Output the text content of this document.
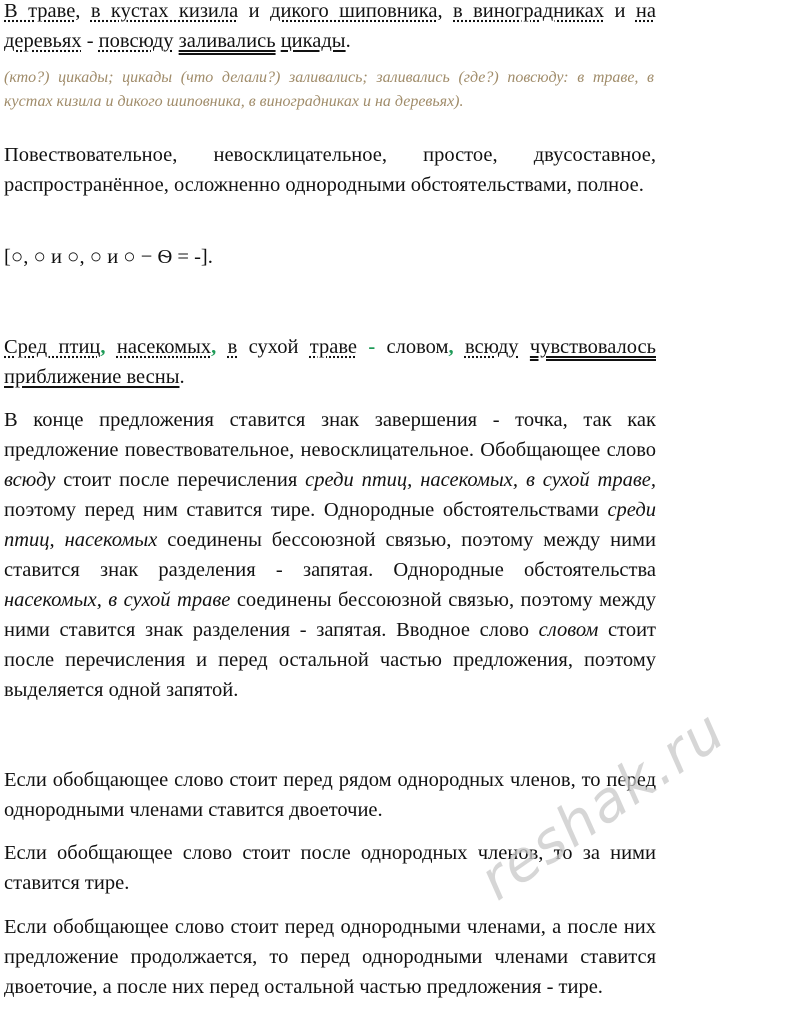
В траве, в кустах кизила и дикого шиповника, в виноградниках и на деревьях - повсюду заливались цикады.

(кто?) цикады; цикады (что делали?) заливались; заливались (где?) повсюду: в траве, в кустах кизила и дикого шиповника, в виноградниках и на деревьях).

Повествовательное, невосклицательное, простое, двусоставное, распространённое, осложненно однородными обстоятельствами, полное.

[○, ○ и ○, ○ и ○ − Ѳ = -].

Сред птиц, насекомых, в сухой траве - словом, всюду чувствовалось приближение весны.

В конце предложения ставится знак завершения - точка, так как предложение повествовательное, невосклицательное. Обобщающее слово всюду стоит после перечисления среди птиц, насекомых, в сухой траве, поэтому перед ним ставится тире. Однородные обстоятельствами среди птиц, насекомых соединены бессоюзной связью, поэтому между ними ставится знак разделения - запятая. Однородные обстоятельства насекомых, в сухой траве соединены бессоюзной связью, поэтому между ними ставится знак разделения - запятая. Вводное слово словом стоит после перечисления и перед остальной частью предложения, поэтому выделяется одной запятой.

Если обобщающее слово стоит перед рядом однородных членов, то перед однородными членами ставится двоеточие.

Если обобщающее слово стоит после однородных членов, то за ними ставится тире.

Если обобщающее слово стоит перед однородными членами, а после них предложение продолжается, то перед однородными членами ставится двоеточие, а после них перед остальной частью предложения - тире.

reshak.ru
